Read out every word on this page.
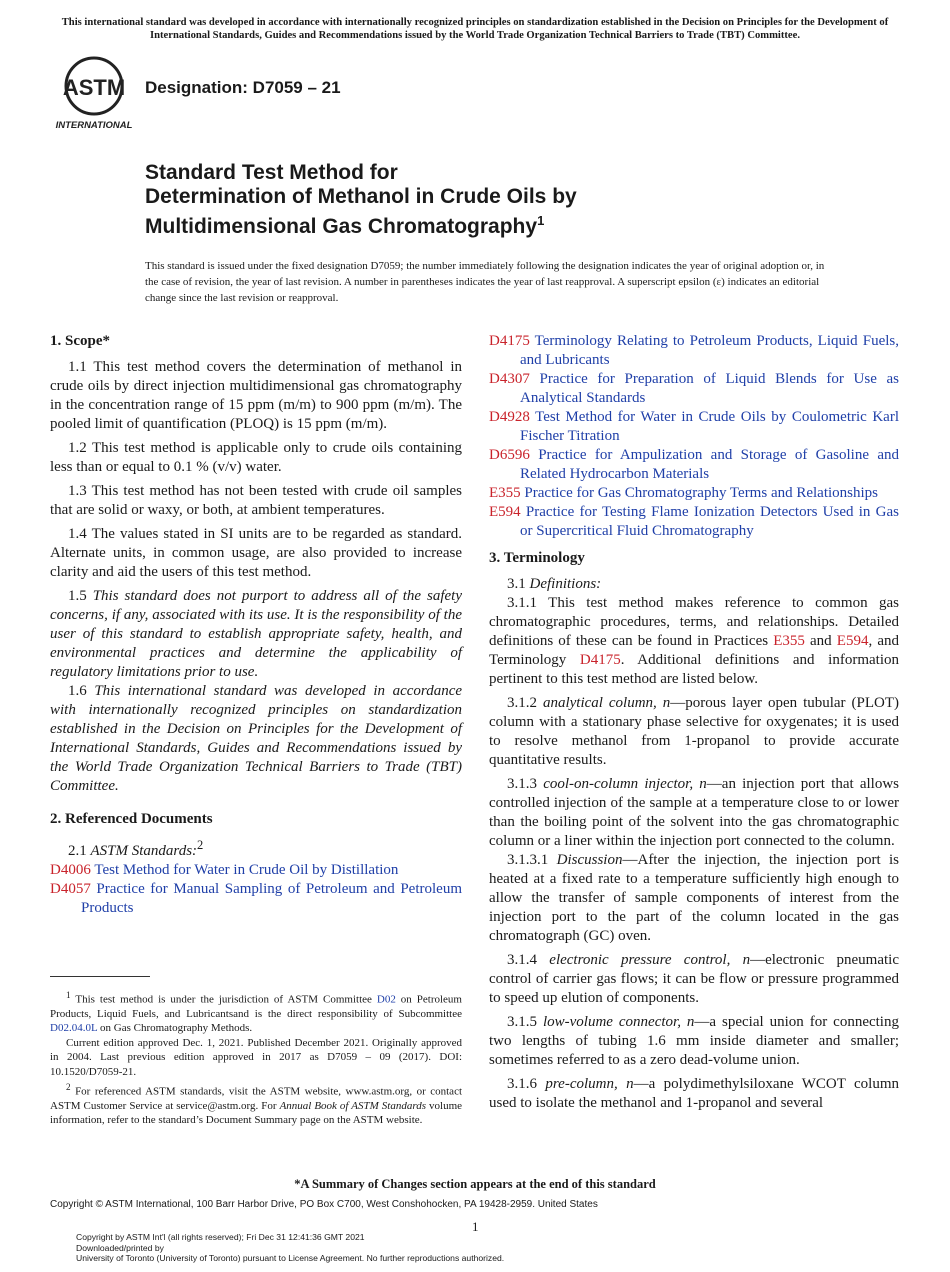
This international standard was developed in accordance with internationally recognized principles on standardization established in the Decision on Principles for the Development of International Standards, Guides and Recommendations issued by the World Trade Organization Technical Barriers to Trade (TBT) Committee.
ASTM
INTERNATIONAL
Designation: D7059 – 21
Standard Test Method for
Determination of Methanol in Crude Oils by
Multidimensional Gas Chromatography$^1$
This standard is issued under the fixed designation D7059; the number immediately following the designation indicates the year of original adoption or, in the case of revision, the year of last revision. A number in parentheses indicates the year of last reapproval. A superscript epsilon (ε) indicates an editorial change since the last revision or reapproval.
1. Scope*

1.1 This test method covers the determination of methanol in crude oils by direct injection multidimensional gas chromatography in the concentration range of 15 ppm (m/m) to 900 ppm (m/m). The pooled limit of quantification (PLOQ) is 15 ppm (m/m).

1.2 This test method is applicable only to crude oils containing less than or equal to 0.1 % (v/v) water.

1.3 This test method has not been tested with crude oil samples that are solid or waxy, or both, at ambient temperatures.

1.4 The values stated in SI units are to be regarded as standard. Alternate units, in common usage, are also provided to increase clarity and aid the users of this test method.

1.5 This standard does not purport to address all of the safety concerns, if any, associated with its use. It is the responsibility of the user of this standard to establish appropriate safety, health, and environmental practices and determine the applicability of regulatory limitations prior to use.

1.6 This international standard was developed in accordance with internationally recognized principles on standardization established in the Decision on Principles for the Development of International Standards, Guides and Recommendations issued by the World Trade Organization Technical Barriers to Trade (TBT) Committee.

2. Referenced Documents

2.1 ASTM Standards:$^2$

D4006 Test Method for Water in Crude Oil by Distillation
D4057 Practice for Manual Sampling of Petroleum and Petroleum Products

$^1$ This test method is under the jurisdiction of ASTM Committee D02 on Petroleum Products, Liquid Fuels, and Lubricantsand is the direct responsibility of Subcommittee D02.04.0L on Gas Chromatography Methods.

Current edition approved Dec. 1, 2021. Published December 2021. Originally approved in 2004. Last previous edition approved in 2017 as D7059 – 09 (2017). DOI: 10.1520/D7059-21.

$^2$ For referenced ASTM standards, visit the ASTM website, www.astm.org, or contact ASTM Customer Service at service@astm.org. For Annual Book of ASTM Standards volume information, refer to the standard’s Document Summary page on the ASTM website.

D4175 Terminology Relating to Petroleum Products, Liquid Fuels, and Lubricants
D4307 Practice for Preparation of Liquid Blends for Use as Analytical Standards
D4928 Test Method for Water in Crude Oils by Coulometric Karl Fischer Titration
D6596 Practice for Ampulization and Storage of Gasoline and Related Hydrocarbon Materials
E355 Practice for Gas Chromatography Terms and Relationships
E594 Practice for Testing Flame Ionization Detectors Used in Gas or Supercritical Fluid Chromatography
3. Terminology

3.1 Definitions:

3.1.1 This test method makes reference to common gas chromatographic procedures, terms, and relationships. Detailed definitions of these can be found in Practices E355 and E594, and Terminology D4175. Additional definitions and information pertinent to this test method are listed below.

3.1.2 analytical column, n—porous layer open tubular (PLOT) column with a stationary phase selective for oxygenates; it is used to resolve methanol from 1-propanol to provide accurate quantitative results.

3.1.3 cool-on-column injector, n—an injection port that allows controlled injection of the sample at a temperature close to or lower than the boiling point of the solvent into the gas chromatographic column or a liner within the injection port connected to the column.

3.1.3.1 Discussion—After the injection, the injection port is heated at a fixed rate to a temperature sufficiently high enough to allow the transfer of sample components of interest from the injection port to the part of the column located in the gas chromatograph (GC) oven.

3.1.4 electronic pressure control, n—electronic pneumatic control of carrier gas flows; it can be flow or pressure programmed to speed up elution of components.

3.1.5 low-volume connector, n—a special union for connecting two lengths of tubing 1.6 mm inside diameter and smaller; sometimes referred to as a zero dead-volume union.

3.1.6 pre-column, n—a polydimethylsiloxane WCOT column used to isolate the methanol and 1-propanol and several

*A Summary of Changes section appears at the end of this standard
Copyright © ASTM International, 100 Barr Harbor Drive, PO Box C700, West Conshohocken, PA 19428-2959. United States
1
Copyright by ASTM Int'l (all rights reserved); Fri Dec 31 12:41:36 GMT 2021
Downloaded/printed by
University of Toronto (University of Toronto) pursuant to License Agreement. No further reproductions authorized.
